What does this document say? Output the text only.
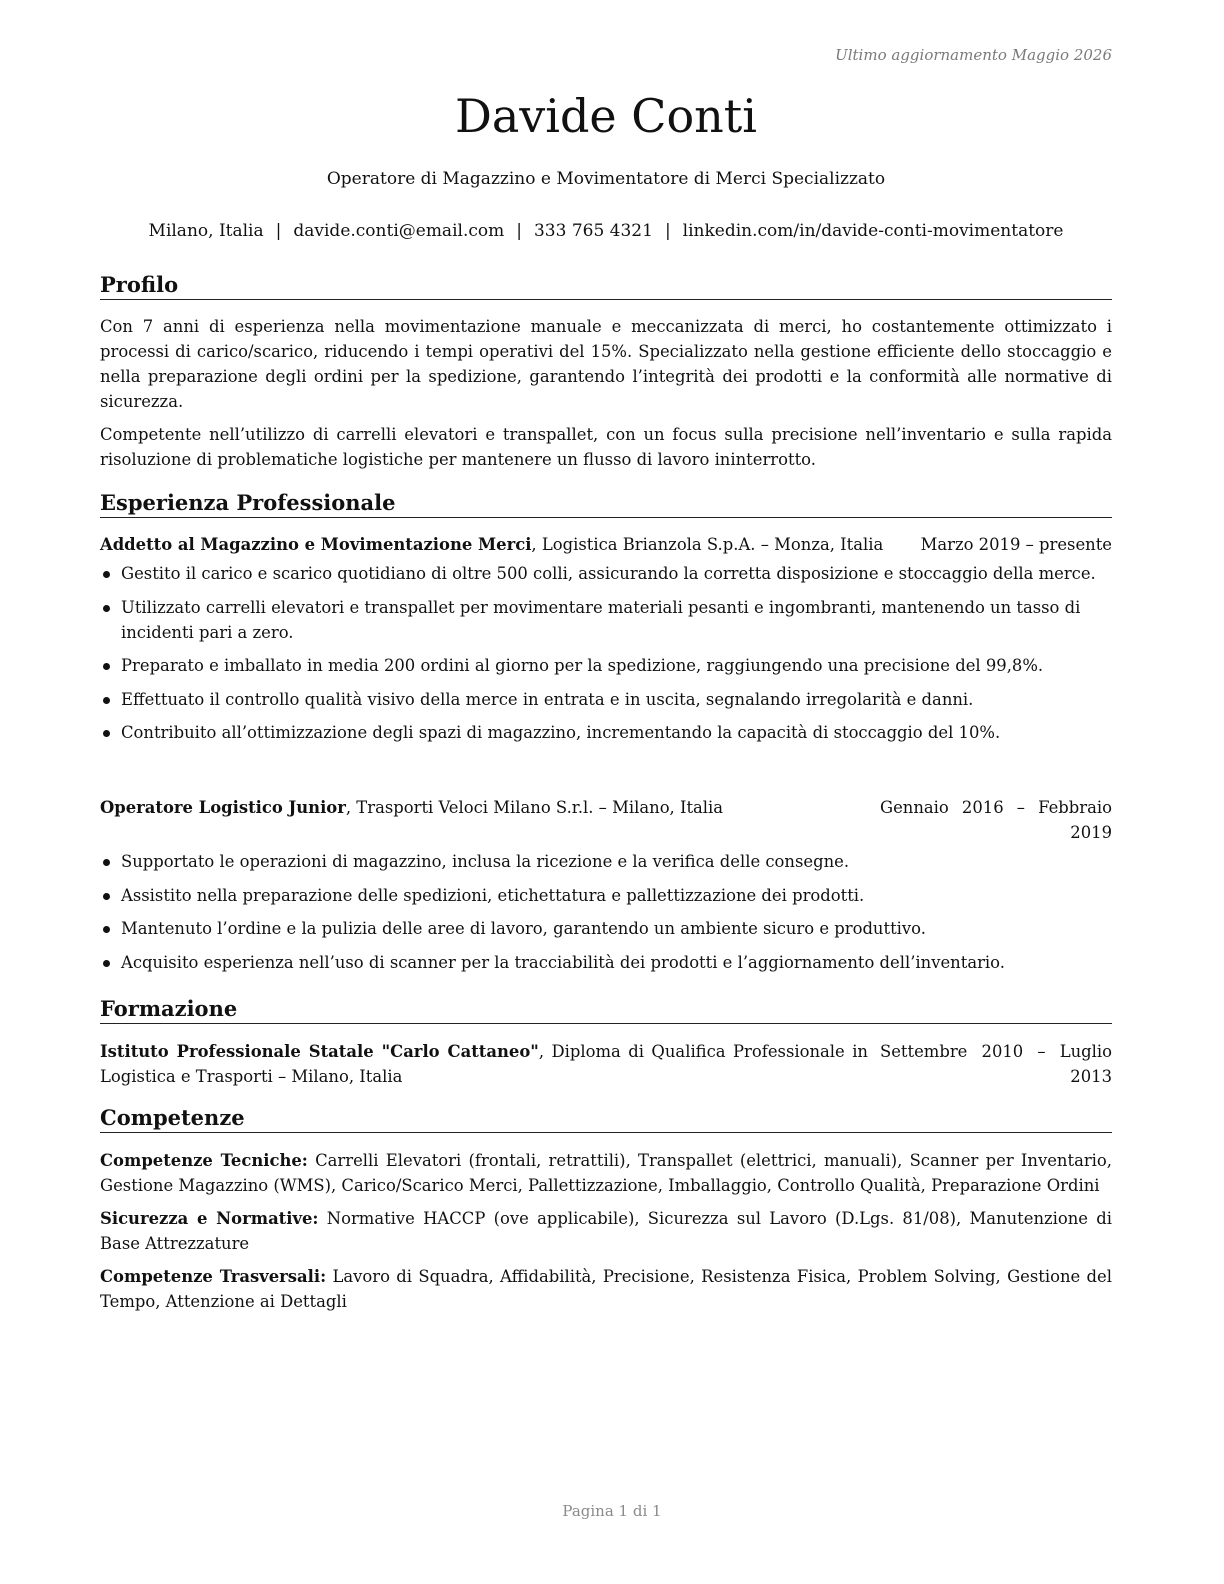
Ultimo aggiornamento Maggio 2026
Davide Conti
Operatore di Magazzino e Movimentatore di Merci Specializzato
Milano, Italia | davide.conti@email.com | 333 765 4321 | linkedin.com/in/davide-conti-movimentatore
Profilo

Con 7 anni di esperienza nella movimentazione manuale e meccanizzata di merci, ho costantemente ottimizzato i processi di carico/scarico, riducendo i tempi operativi del 15%. Specializzato nella gestione efficiente dello stoccaggio e nella preparazione degli ordini per la spedizione, garantendo l’integrità dei prodotti e la conformità alle normative di sicurezza.

Competente nell’utilizzo di carrelli elevatori e transpallet, con un focus sulla precisione nell’inventario e sulla rapida risoluzione di problematiche logistiche per mantenere un flusso di lavoro ininterrotto.

Esperienza Professionale
Addetto al Magazzino e Movimentazione Merci, Logistica Brianzola S.p.A. – Monza, Italia	Marzo 2019 – presente
Gestito il carico e scarico quotidiano di oltre 500 colli, assicurando la corretta disposizione e stoccaggio della merce.
Utilizzato carrelli elevatori e transpallet per movimentare materiali pesanti e ingombranti, mantenendo un tasso di incidenti pari a zero.
Preparato e imballato in media 200 ordini al giorno per la spedizione, raggiungendo una precisione del 99,8%.
Effettuato il controllo qualità visivo della merce in entrata e in uscita, segnalando irregolarità e danni.
Contribuito all’ottimizzazione degli spazi di magazzino, incrementando la capacità di stoccaggio del 10%.
Operatore Logistico Junior, Trasporti Veloci Milano S.r.l. – Milano, Italia	Gennaio 2016 – Febbraio 2019
Supportato le operazioni di magazzino, inclusa la ricezione e la verifica delle consegne.
Assistito nella preparazione delle spedizioni, etichettatura e pallettizzazione dei prodotti.
Mantenuto l’ordine e la pulizia delle aree di lavoro, garantendo un ambiente sicuro e produttivo.
Acquisito esperienza nell’uso di scanner per la tracciabilità dei prodotti e l’aggiornamento dell’inventario.
Formazione
Istituto Professionale Statale "Carlo Cattaneo", Diploma di Qualifica Professionale in Logistica e Trasporti – Milano, Italia
Settembre 2010 – Luglio 2013
Competenze

Competenze Tecniche: Carrelli Elevatori (frontali, retrattili), Transpallet (elettrici, manuali), Scanner per Inventario, Gestione Magazzino (WMS), Carico/Scarico Merci, Pallettizzazione, Imballaggio, Controllo Qualità, Preparazione Ordini

Sicurezza e Normative: Normative HACCP (ove applicabile), Sicurezza sul Lavoro (D.Lgs. 81/08), Manutenzione di Base Attrezzature

Competenze Trasversali: Lavoro di Squadra, Affidabilità, Precisione, Resistenza Fisica, Problem Solving, Gestione del Tempo, Attenzione ai Dettagli

Pagina 1 di 1
